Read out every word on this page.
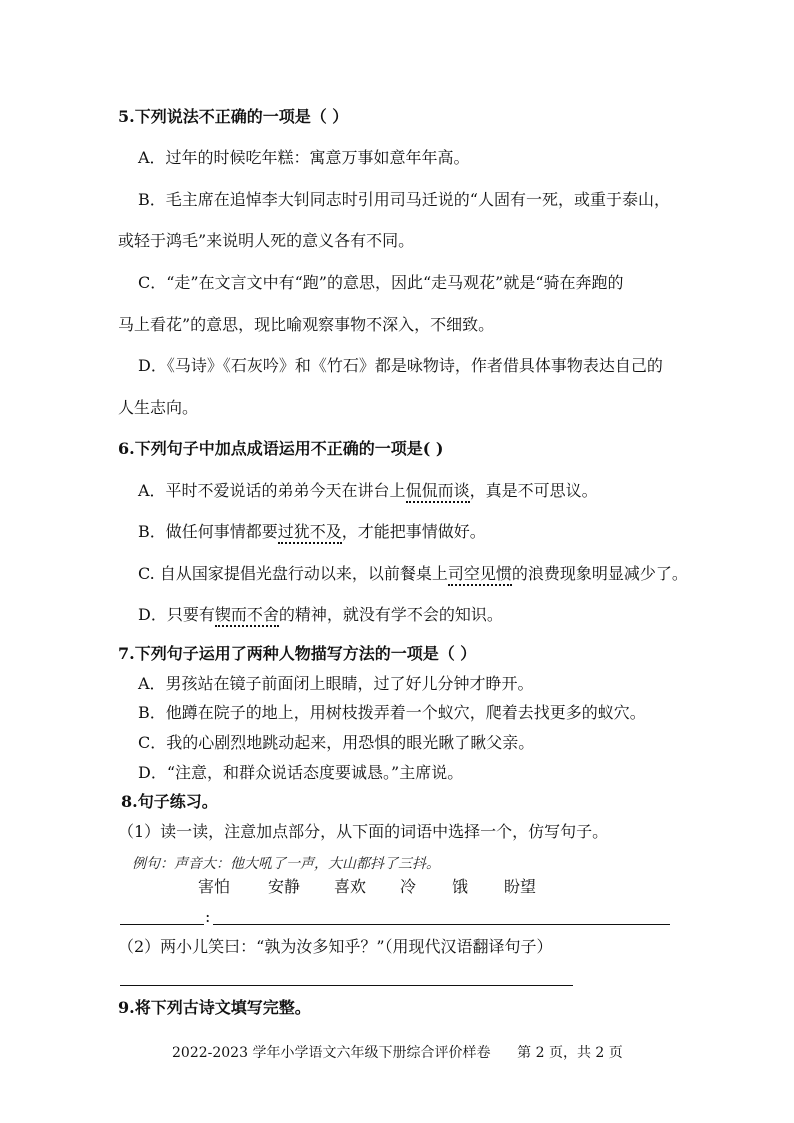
5.下列说法不正确的一项是（ ）
A．过年的时候吃年糕：寓意万事如意年年高。
B．毛主席在追悼李大钊同志时引用司马迁说的“人固有一死，或重于泰山，
或轻于鸿毛”来说明人死的意义各有不同。
C．“走”在文言文中有“跑”的意思，因此“走马观花”就是“骑在奔跑的
马上看花”的意思，现比喻观察事物不深入，不细致。
D．《马诗》《石灰吟》和《竹石》都是咏物诗，作者借具体事物表达自己的
人生志向。
6.下列句子中加点成语运用不正确的一项是( )
A．平时不爱说话的弟弟今天在讲台上侃侃而谈，真是不可思议。
B．做任何事情都要过犹不及，才能把事情做好。
C. 自从国家提倡光盘行动以来，以前餐桌上司空见惯的浪费现象明显减少了。
D．只要有锲而不舍的精神，就没有学不会的知识。
7.下列句子运用了两种人物描写方法的一项是（ ）
A．男孩站在镜子前面闭上眼睛，过了好儿分钟才睁开。
B．他蹲在院子的地上，用树枝拨弄着一个蚁穴，爬着去找更多的蚁穴。
C．我的心剧烈地跳动起来，用恐惧的眼光瞅了瞅父亲。
D．“注意，和群众说话态度要诚恳。”主席说。
8.句子练习。
（1）读一读，注意加点部分，从下面的词语中选择一个，仿写句子。
例句：声音大：他大吼了一声，大山都抖了三抖。
害怕	安静	喜欢	冷	饿	盼望
:
（2）两小儿笑曰：“孰为汝多知乎？”（用现代汉语翻译句子）
9.将下列古诗文填写完整。
2022-2023 学年小学语文六年级下册综合评价样卷 第 2 页，共 2 页
